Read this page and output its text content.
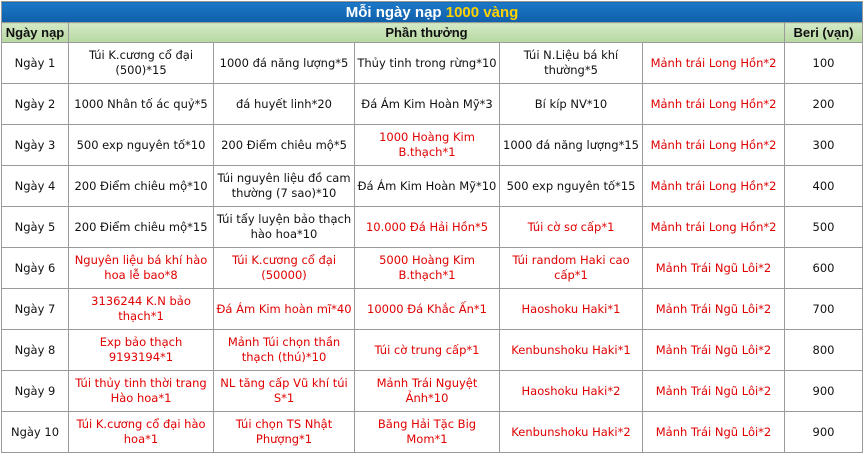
Mỗi ngày nạp 1000 vàng						
Ngày nạp	Phần thưởng					Beri (vạn)
Ngày 1	Túi K.cương cổ đại (500)*15	1000 đá năng lượng*5	Thủy tinh trong rừng*10	Túi N.Liệu bá khí thường*5	Mảnh trái Long Hồn*2	100
Ngày 2	1000 Nhân tố ác quỷ*5	đá huyết linh*20	Đá Ám Kim Hoàn Mỹ*3	Bí kíp NV*10	Mảnh trái Long Hồn*2	200
Ngày 3	500 exp nguyên tố*10	200 Điểm chiêu mộ*5	1000 Hoàng Kim B.thạch*1	1000 đá năng lượng*15	Mảnh trái Long Hồn*2	300
Ngày 4	200 Điểm chiêu mộ*10	Túi nguyên liệu đồ cam thường (7 sao)*10	Đá Ám Kim Hoàn Mỹ*10	500 exp nguyên tố*15	Mảnh trái Long Hồn*2	400
Ngày 5	200 Điểm chiêu mộ*15	Túi tẩy luyện bảo thạch hào hoa*10	10.000 Đá Hải Hồn*5	Túi cờ sơ cấp*1	Mảnh trái Long Hồn*2	500
Ngày 6	Nguyên liệu bá khí hào hoa lễ bao*8	Túi K.cương cổ đại (50000)	5000 Hoàng Kim B.thạch*1	Túi random Haki cao cấp*1	Mảnh Trái Ngũ Lôi*2	600
Ngày 7	3136244 K.N bảo thạch*1	Đá Ám Kim hoàn mĩ*40	10000 Đá Khắc Ấn*1	Haoshoku Haki*1	Mảnh Trái Ngũ Lôi*2	700
Ngày 8	Exp bảo thạch 9193194*1	Mảnh Túi chọn thần thạch (thú)*10	Túi cờ trung cấp*1	Kenbunshoku Haki*1	Mảnh Trái Ngũ Lôi*2	800
Ngày 9	Túi thủy tinh thời trang Hào hoa*1	NL tăng cấp Vũ khí túi S*1	Mảnh Trái Nguyệt Ảnh*10	Haoshoku Haki*2	Mảnh Trái Ngũ Lôi*2	900
Ngày 10	Túi K.cương cổ đại hào hoa*1	Túi chọn TS Nhật Phượng*1	Băng Hải Tặc Big Mom*1	Kenbunshoku Haki*2	Mảnh Trái Ngũ Lôi*2	900
